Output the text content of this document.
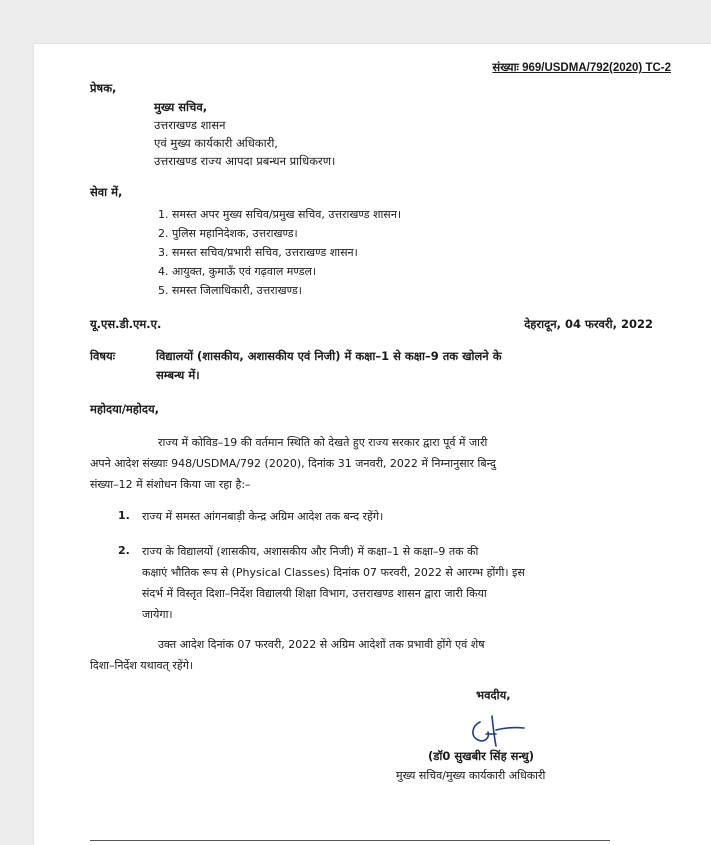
संख्याः 969/USDMA/792(2020) TC-2
प्रेषक,
मुख्य सचिव,
उत्तराखण्ड शासन
एवं मुख्य कार्यकारी अधिकारी,
उत्तराखण्ड राज्य आपदा प्रबन्धन प्राधिकरण।
सेवा में,
1. समस्त अपर मुख्य सचिव/प्रमुख सचिव, उत्तराखण्ड शासन।
2. पुलिस महानिदेशक, उत्तराखण्ड।
3. समस्त सचिव/प्रभारी सचिव, उत्तराखण्ड शासन।
4. आयुक्त, कुमाऊँ एवं गढ़वाल मण्डल।
5. समस्त जिलाधिकारी, उत्तराखण्ड।
यू.एस.डी.एम.ए.	देहरादून, 04 फरवरी, 2022
विषयः	विद्यालयों (शासकीय, अशासकीय एवं निजी) में कक्षा–1 से कक्षा–9 तक खोलने के
सम्बन्ध में।
महोदया/महोदय,
राज्य में कोविड–19 की वर्तमान स्थिति को देखते हुए राज्य सरकार द्वारा पूर्व में जारी
अपने आदेश संख्याः 948/USDMA/792 (2020), दिनांक 31 जनवरी, 2022 में निम्नानुसार बिन्दु
संख्या–12 में संशोधन किया जा रहा है:–
1. राज्य में समस्त आंगनबाड़ी केन्द्र अग्रिम आदेश तक बन्द रहेंगे।
2. राज्य के विद्यालयों (शासकीय, अशासकीय और निजी) में कक्षा–1 से कक्षा–9 तक की
कक्षाएं भौतिक रूप से (Physical Classes) दिनांक 07 फरवरी, 2022 से आरम्भ होंगी। इस
संदर्भ में विस्तृत दिशा–निर्देश विद्यालयी शिक्षा विभाग, उत्तराखण्ड शासन द्वारा जारी किया
जायेगा।
उक्त आदेश दिनांक 07 फरवरी, 2022 से अग्रिम आदेशों तक प्रभावी होंगे एवं शेष
दिशा–निर्देश यथावत् रहेंगे।
भवदीय,
(डॉ0 सुखबीर सिंह सन्धु)
मुख्य सचिव/मुख्य कार्यकारी अधिकारी
